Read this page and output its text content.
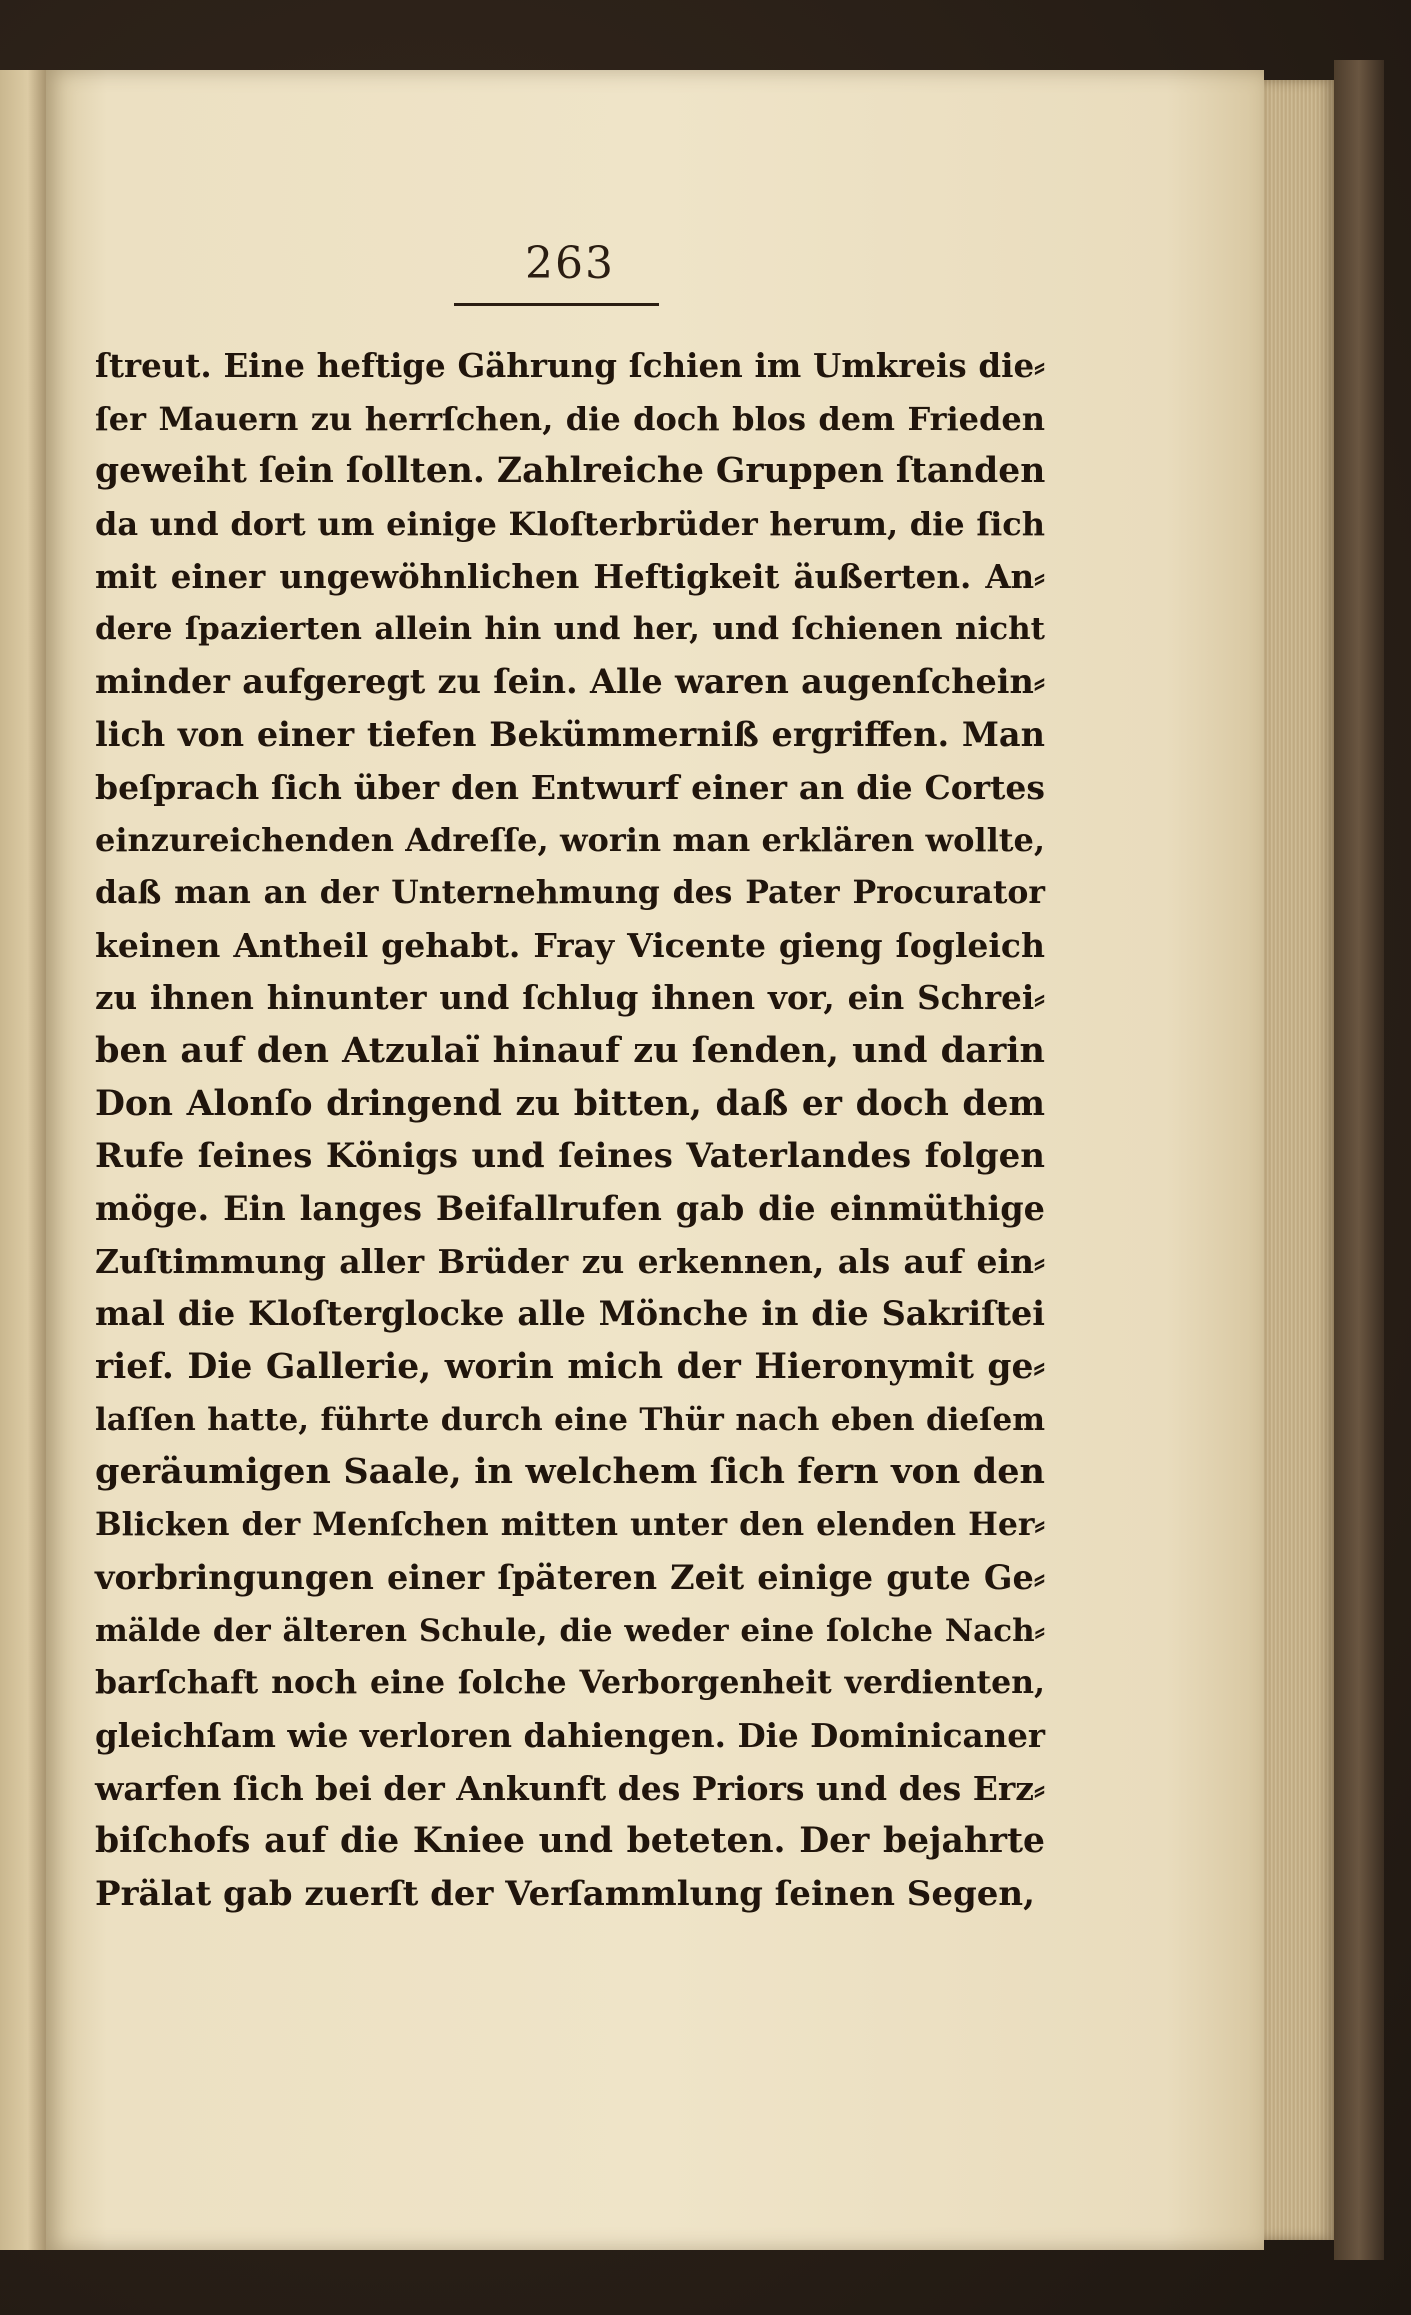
263
ſtreut. Eine heftige Gährung ſchien im Umkreis die⸗
ſer Mauern zu herrſchen, die doch blos dem Frieden
geweiht ſein ſollten. Zahlreiche Gruppen ſtanden
da und dort um einige Kloſterbrüder herum, die ſich
mit einer ungewöhnlichen Heftigkeit äußerten. An⸗
dere ſpazierten allein hin und her, und ſchienen nicht
minder aufgeregt zu ſein. Alle waren augenſchein⸗
lich von einer tiefen Bekümmerniß ergriffen. Man
beſprach ſich über den Entwurf einer an die Cortes
einzureichenden Adreſſe, worin man erklären wollte,
daß man an der Unternehmung des Pater Procurator
keinen Antheil gehabt. Fray Vicente gieng ſogleich
zu ihnen hinunter und ſchlug ihnen vor, ein Schrei⸗
ben auf den Atzulaï hinauf zu ſenden, und darin
Don Alonſo dringend zu bitten, daß er doch dem
Rufe ſeines Königs und ſeines Vaterlandes folgen
möge. Ein langes Beifallrufen gab die einmüthige
Zuſtimmung aller Brüder zu erkennen, als auf ein⸗
mal die Kloſterglocke alle Mönche in die Sakriſtei
rief. Die Gallerie, worin mich der Hieronymit ge⸗
laſſen hatte, führte durch eine Thür nach eben dieſem
geräumigen Saale, in welchem ſich fern von den
Blicken der Menſchen mitten unter den elenden Her⸗
vorbringungen einer ſpäteren Zeit einige gute Ge⸗
mälde der älteren Schule, die weder eine ſolche Nach⸗
barſchaft noch eine ſolche Verborgenheit verdienten,
gleichſam wie verloren dahiengen. Die Dominicaner
warfen ſich bei der Ankunft des Priors und des Erz⸗
biſchofs auf die Kniee und beteten. Der bejahrte
Prälat gab zuerſt der Verſammlung ſeinen Segen,
